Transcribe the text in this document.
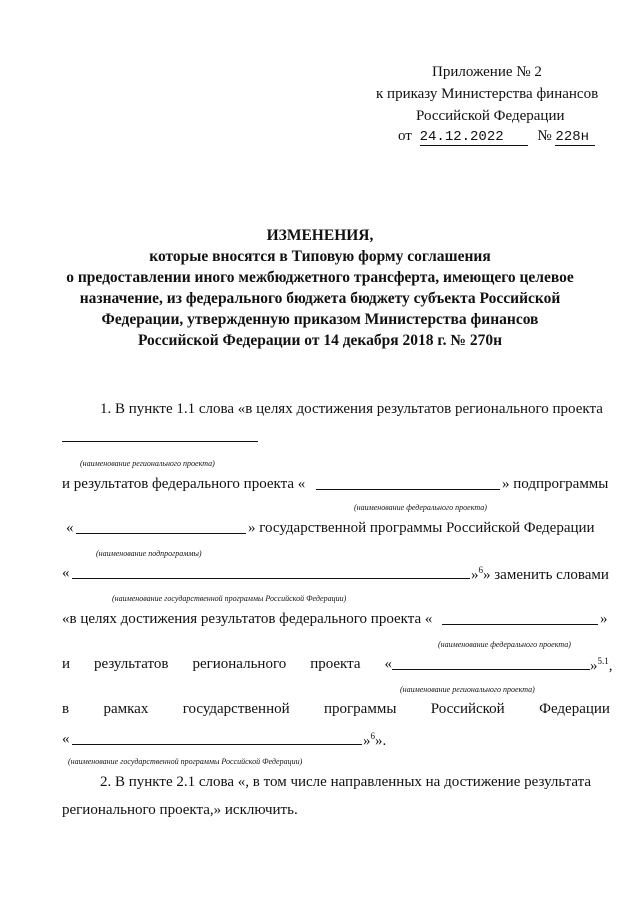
Приложение № 2
к приказу Министерства финансов
Российской Федерации
от 24.12.2022 № 228н
ИЗМЕНЕНИЯ,
которые вносятся в Типовую форму соглашения
о предоставлении иного межбюджетного трансферта, имеющего целевое
назначение, из федерального бюджета бюджету субъекта Российской
Федерации, утвержденную приказом Министерства финансов
Российской Федерации от 14 декабря 2018 г. № 270н
1. В пункте 1.1 слова «в целях достижения результатов регионального проекта
(наименование регионального проекта)
и результатов федерального проекта «	» подпрограммы
(наименование федерального проекта)
«	» государственной программы Российской Федерации
(наименование подпрограммы)
«	»$^6$» заменить словами
(наименование государственной программы Российской Федерации)
«в целях достижения результатов федерального проекта «	»
(наименование федерального проекта)
и результатов регионального проекта «	»$^{5.1}$,
(наименование регионального проекта)
в рамках государственной программы Российской Федерации
«	»$^6$».
(наименование государственной программы Российской Федерации)
2. В пункте 2.1 слова «, в том числе направленных на достижение результата
регионального проекта,» исключить.
